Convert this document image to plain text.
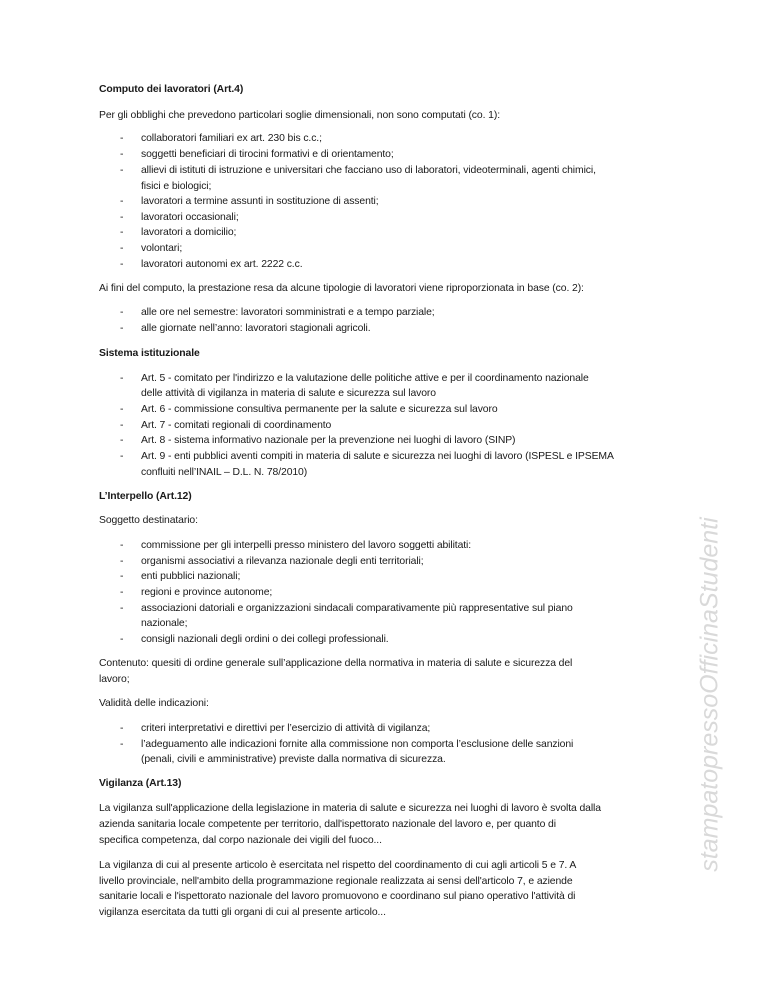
Computo dei lavoratori (Art.4)
Per gli obblighi che prevedono particolari soglie dimensionali, non sono computati (co. 1):
collaboratori familiari ex art. 230 bis c.c.;
-
soggetti beneficiari di tirocini formativi e di orientamento;
-
allievi di istituti di istruzione e universitari che facciano uso di laboratori, videoterminali, agenti chimici,
-
fisici e biologici;
lavoratori a termine assunti in sostituzione di assenti;
-
lavoratori occasionali;
-
lavoratori a domicilio;
-
volontari;
-
lavoratori autonomi ex art. 2222 c.c.
-
Ai fini del computo, la prestazione resa da alcune tipologie di lavoratori viene riproporzionata in base (co. 2):
alle ore nel semestre: lavoratori somministrati e a tempo parziale;
-
alle giornate nell’anno: lavoratori stagionali agricoli.
-
Sistema istituzionale
Art. 5 - comitato per l'indirizzo e la valutazione delle politiche attive e per il coordinamento nazionale
-
delle attività di vigilanza in materia di salute e sicurezza sul lavoro
Art. 6 - commissione consultiva permanente per la salute e sicurezza sul lavoro
-
Art. 7 - comitati regionali di coordinamento
-
Art. 8 - sistema informativo nazionale per la prevenzione nei luoghi di lavoro (SINP)
-
Art. 9 - enti pubblici aventi compiti in materia di salute e sicurezza nei luoghi di lavoro (ISPESL e IPSEMA
-
confluiti nell’INAIL – D.L. N. 78/2010)
L’Interpello (Art.12)
Soggetto destinatario:
commissione per gli interpelli presso ministero del lavoro soggetti abilitati:
-
organismi associativi a rilevanza nazionale degli enti territoriali;
-
enti pubblici nazionali;
-
regioni e province autonome;
-
associazioni datoriali e organizzazioni sindacali comparativamente più rappresentative sul piano
-
nazionale;
consigli nazionali degli ordini o dei collegi professionali.
-
Contenuto: quesiti di ordine generale sull’applicazione della normativa in materia di salute e sicurezza del
lavoro;
Validità delle indicazioni:
criteri interpretativi e direttivi per l’esercizio di attività di vigilanza;
-
l’adeguamento alle indicazioni fornite alla commissione non comporta l’esclusione delle sanzioni
-
(penali, civili e amministrative) previste dalla normativa di sicurezza.
Vigilanza (Art.13)
La vigilanza sull'applicazione della legislazione in materia di salute e sicurezza nei luoghi di lavoro è svolta dalla
azienda sanitaria locale competente per territorio, dall'ispettorato nazionale del lavoro e, per quanto di
specifica competenza, dal corpo nazionale dei vigili del fuoco...
La vigilanza di cui al presente articolo è esercitata nel rispetto del coordinamento di cui agli articoli 5 e 7. A
livello provinciale, nell'ambito della programmazione regionale realizzata ai sensi dell'articolo 7, e aziende
sanitarie locali e l'ispettorato nazionale del lavoro promuovono e coordinano sul piano operativo l'attività di
vigilanza esercitata da tutti gli organi di cui al presente articolo...
stampatopressoOfficinaStudenti
